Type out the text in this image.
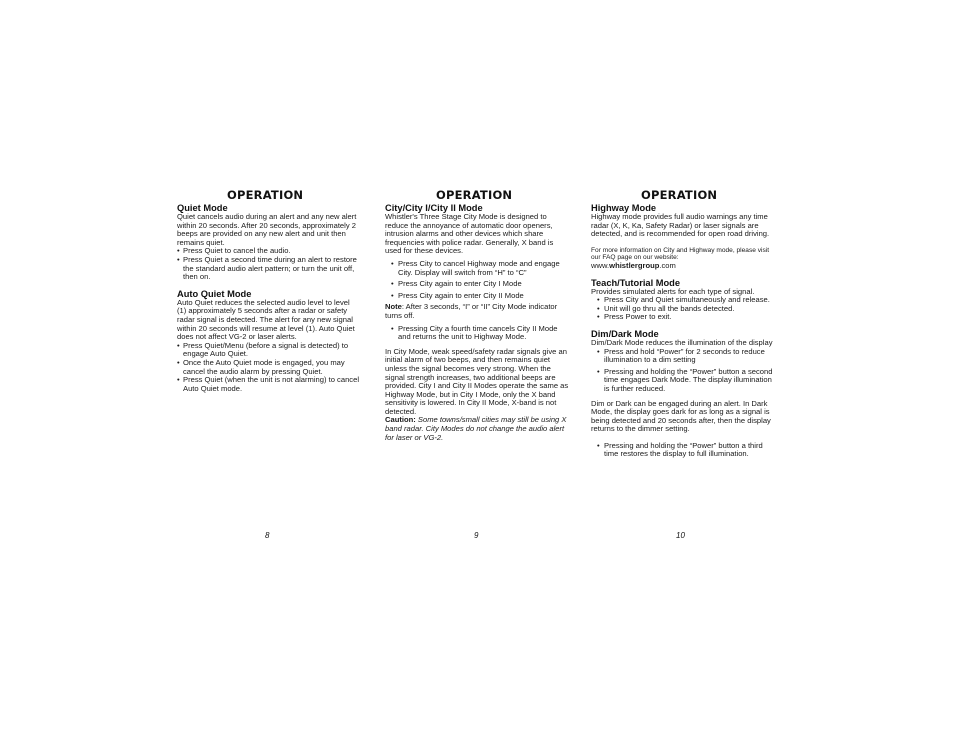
OPERATION
Quiet Mode

Quiet cancels audio during an alert and any new alert within 20 seconds. After 20 seconds, approximately 2 beeps are provided on any new alert and unit then remains quiet.

• Press Quiet to cancel the audio.
• Press Quiet a second time during an alert to restore the standard audio alert pattern; or turn the unit off, then on.
Auto Quiet Mode

Auto Quiet reduces the selected audio level to level (1) approximately 5 seconds after a radar or safety radar signal is detected. The alert for any new signal within 20 seconds will resume at level (1). Auto Quiet does not affect VG-2 or laser alerts.

• Press Quiet/Menu (before a signal is detected) to engage Auto Quiet.
• Once the Auto Quiet mode is engaged, you may cancel the audio alarm by pressing Quiet.
• Press Quiet (when the unit is not alarming) to cancel Auto Quiet mode.
OPERATION
City/City I/City II Mode

Whistler's Three Stage City Mode is designed to reduce the annoyance of automatic door openers, intrusion alarms and other devices which share frequencies with police radar. Generally, X band is used for these devices.

• Press City to cancel Highway mode and engage City. Display will switch from “H” to “C”
• Press City again to enter City I Mode
• Press City again to enter City II Mode

Note: After 3 seconds, “I” or “II” City Mode indicator turns off.

• Pressing City a fourth time cancels City II Mode and returns the unit to Highway Mode.

In City Mode, weak speed/safety radar signals give an initial alarm of two beeps, and then remains quiet unless the signal becomes very strong. When the signal strength increases, two additional beeps are provided. City I and City II Modes operate the same as Highway Mode, but in City I Mode, only the X band sensitivity is lowered. In City II Mode, X-band is not detected.

Caution: Some towns/small cities may still be using X band radar. City Modes do not change the audio alert for laser or VG-2.

OPERATION
Highway Mode

Highway mode provides full audio warnings any time radar (X, K, Ka, Safety Radar) or laser signals are detected, and is recommended for open road driving.

For more information on City and Highway mode, please visit our FAQ page on our website:

www.whistlergroup.com

Teach/Tutorial Mode

Provides simulated alerts for each type of signal.

• Press City and Quiet simultaneously and release.
• Unit will go thru all the bands detected.
• Press Power to exit.
Dim/Dark Mode

Dim/Dark Mode reduces the illumination of the display

• Press and hold “Power” for 2 seconds to reduce illumination to a dim setting
• Pressing and holding the “Power” button a second time engages Dark Mode. The display illumination is further reduced.

Dim or Dark can be engaged during an alert. In Dark Mode, the display goes dark for as long as a signal is being detected and 20 seconds after, then the display returns to the dimmer setting.

• Pressing and holding the “Power” button a third time restores the display to full illumination.
8	9	10
